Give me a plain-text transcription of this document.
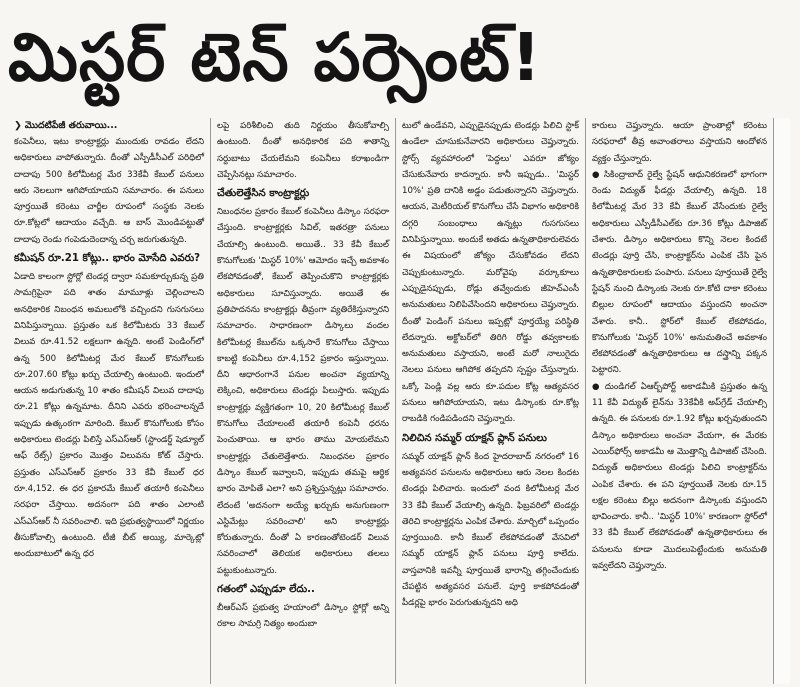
మిస్టర్ టెన్ పర్సెంట్!
❯ మొదటిపేజీ తరువాయి...

కంపెనీలు, ఇటు కాంట్రాక్టర్లు ముందుకు రావడం లేదని అధికారులు వాపోతున్నారు. దీంతో ఎస్పీడీసీఎల్ పరిధిలో దాదాపు 500 కిలోమీటర్ల మేర 33కేవీ కేబుల్ పనులు ఆరు నెలలుగా ఆగిపోయాయని సమాచారం. ఈ పనులు పూర్తయితే కరెంటు చార్జీల రూపంలో సంస్థకు నెలకు రూ.కోట్లలో ఆదాయం వచ్చేది. ఆ బాస్ మొండిపట్టుతో దాదాపు రెండు గంపెడుదెందాన్న చర్చ జరుగుతున్నది.

కమీషన్ రూ.21 కోట్లు.. భారం మోసేది ఎవరు?

ఏడాది కాలంగా స్టోర్లో టెండర్ల ద్వారా సమకూర్చుకున్న ప్రతి సామగ్రిపైనా పది శాతం మామూళ్లు చెల్లించాలని అనధికారిక నిబంధన అమలులోకి వచ్చిందని గుసగుసలు వినిపిస్తున్నాయి. ప్రస్తుతం ఒక కిలోమీటరు 33 కేబుల్ విలువ రూ.41.52 లక్షలుగా ఉన్నది. అంటే పెండింగ్‌లో ఉన్న 500 కిలోమీటర్ల మేర కేబుల్ కొనుగోలుకు రూ.207.60 కోట్లు ఖర్చు చేయాల్సి ఉంటుంది. ఇందులో ఆయన అడుగుతున్న 10 శాతం కమీషన్ విలువ దాదాపు రూ.21 కోట్లు ఉన్నమాట. దీనిని ఎవరు భరించాలన్నదే ఇప్పుడు ఉత్కంఠగా మారింది. కేబుల్ కొనుగోలుకు కోసం అధికారులు టెండర్లు పిలిస్తే ఎస్ఎస్ఆర్ (స్టాండర్డ్ షెడ్యూల్ ఆఫ్ రేట్స్) ప్రకారం మొత్తం విలువను కోట్ చేస్తారు. ప్రస్తుతం ఎస్ఎస్ఆర్ ప్రకారం 33 కేవీ కేబుల్ ధర రూ.4,152. ఈ ధర ప్రకారమే కేబుల్ తయారీ కంపెనీలు సరఫరా చేస్తాయి. అదనంగా పది శాతం ఎలాంటి ఎస్ఎస్ఆర్ నీ సవరించాలి. ఇది ప్రభుత్వస్థాయిలో నిర్ణయం తీసుకోవాల్సి ఉంటుంది. టీజీ బీట్ అయ్యి, మార్కెట్లో అందుబాటులో ఉన్న ధర

లపై పరిశీలించి తుది నిర్ణయం తీసుకోవాల్సి ఉంటుంది. దీంతో అనధికారిక పది శాతాన్ని సర్దుబాటు చేయలేమని కంపెనీలు కరాఖండిగా చెప్పేసినట్లు సమాచారం.

చేతులెత్తేసిన కాంట్రాక్టర్లు

నిబంధనల ప్రకారం కేబుల్ కంపెనీలు డిస్కాం సరఫరా చేస్తుంది. కాంట్రాక్టర్లకు సివిల్, ఇతరత్రా పనులు చేయాల్సి ఉంటుంది. అయితే.. 33 కేవీ కేబుల్ కొనుగోలుకు 'మిస్టర్ 10%' ఆమోదం ఇచ్చే అవకాశం లేకపోవడంతో, కేబుల్ తెప్పించుకొని కాంట్రాక్టర్లకు అధికారులు సూచిస్తున్నారు. అయితే ఈ ప్రతిపాదనను కాంట్రాక్టర్లు తీవ్రంగా వ్యతిరేకిస్తున్నారని సమాచారం. సాధారణంగా డిస్కాలు వందల కిలోమీటర్ల కేబుల్‌ను ఒక్కసారే కొనుగోలు చేస్తాయి కాబట్టి కంపెనీలు రూ.4,152 ప్రకారం ఇస్తున్నాయి. దీని ఆధారంగానే పనుల అంచనా వ్యయాన్ని లెక్కించి, అధికారులు టెండర్లు పిలుస్తారు. ఇప్పుడు కాంట్రాక్టర్లు వ్యక్తిగతంగా 10, 20 కిలోమీటర్ల కేబుల్ కొనుగోలు చేయాలంటే తయారీ కంపెనీ ధరను పెంచుతాయి. ఆ భారం తాము మోయలేమని కాంట్రాక్టర్లు చేతులెత్తేశారు. నిబంధనల ప్రకారం డిస్కాం కేబుల్ ఇవ్వాలని, ఇప్పుడు తమపై ఆర్థిక భారం మోపితే ఎలా? అని ప్రశ్నిస్తున్నట్లు సమాచారం. లేదంటే 'అదనంగా అయ్యే ఖర్చుకు అనుగుణంగా ఎస్టిమేట్లు సవరించాలి' అని కాంట్రాక్టర్లు కోరుతున్నారు. దీంతో ఏ కారణంతోటెండర్ విలువ సవరించాలో తెలియక అధికారులు తలలు పట్టుకుంటున్నారు.

గతంలో ఎప్పుడూ లేదు..

బీఆర్ఎస్ ప్రభుత్వ హయాంలో డిస్కాం స్టోర్లో అన్ని రకాల సామగ్రి నిత్యం అందుబా

టులో ఉండేవని, ఎప్పుడైనప్పుడు టెండర్లు పిలిచి స్టాక్ ఉండేలా చూసుకునేవారని అధికారులు చెప్తున్నారు. స్టోర్స్ వ్యవహారంలో 'పెద్దలు' ఎవరూ జోక్యం చేసుకునేవారు కాదన్నారు. కానీ ఇప్పుడు.. 'మిస్టర్ 10%' ప్రతి దానికి అడ్డం పడుతున్నారని చెప్తున్నారు. ఆయన, మెటీరియల్ కొనుగోలు చేసే విభాగం అధికారికి దగ్గరి సంబంధాలు ఉన్నట్లు గుసగుసలు వినిపిస్తున్నాయి. అందుకే అతడు ఉన్నతాధికారులెవరు ఈ విషయంలో జోక్యం చేసుకోవడం లేదని చెప్పుకుంటున్నారు. మరోవైపు వర్కూ‌కూలు ఎప్పుడైనప్పుడు, రోడ్లు తవ్వేందుకు జీహెచ్ఎంసీ అనుమతులు నిలిపివేసిందని అధికారులు చెప్తున్నారు. దీంతో పెండింగ్ పనులు ఇప్పట్లో పూర్తయ్యే పరిస్థితి లేదన్నారు. అక్టోబర్‌లో తిరిగి రోడ్డు తవ్వకాలకు అనుమతులు వస్తాయని, అంటే మరో నాలుగైదు నెలలు పనులు ఆగిపోక తప్పదని స్పష్టం చేస్తున్నారు. ఒక్కో పెండ్లి వల్ల ఆరు కూ.పదుల కోట్ల ఆత్యవసర పనులు ఆగిపోయాయని, ఇటు డిస్కాంకు రూ.కోట్ల రాబడికి గండిపడిందని చెప్తున్నారు.

నిలిచిన సమ్మర్ యాక్షన్ ప్లాన్ పనులు

సమ్మర్ యాక్షన్ ప్లాన్ కింద హైదరాబాద్ నగరంలో 16 అత్యవసర పనులను అధికారులు ఆరు నెలల కిందట టెండర్లు పిలిచారు. ఇందులో వంద కిలోమీటర్ల మేర 33 కేవీ కేబుల్ వేయాల్సి ఉన్నది. ఫిబ్రవరిలో టెండర్లు తెరిచి కాంట్రాక్టర్లను ఎంపిక చేశారు. మార్చిలో ఒప్పందం పూర్తయింది. కానీ కేబుల్ లేకపోవడంతో వేసవిలో సమ్మర్ యాక్షన్ ప్లాన్ పనులు పూర్తి కాలేదు. వాస్తవానికి ఇవన్నీ పూర్తయితే భారాన్ని తగ్గించేందుకు చేపట్టిన అత్యవసర పనులే. పూర్తి కాకపోవడంతో పీడర్లపై భారం పెరుగుతున్నదని అధి

కారులు చెప్తున్నారు. ఆయా ప్రాంతాల్లో కరెంటు సరఫరాలో తీవ్ర అవాంతరాలు వస్తాయని ఆందోళన వ్యక్తం చేస్తున్నారు.

● సికింద్రాబాద్ రైల్వే స్టేషన్ ఆధునికరణలో భాగంగా రెండు విద్యుత్ ఫీడర్లు వేయాల్సి ఉన్నది. 18 కిలోమీటర్ల మేర 33 కేవీ కేబుల్ వేసేందుకు రైల్వే అధికారులు ఎస్పీడీసీఎల్‌కు రూ.36 కోట్లు డిపాజిట్ చేశారు. డిస్కాం అధికారులు కొన్ని నెలల కిందటే టెండర్లు పూర్తి చేసి, కాంట్రాక్టర్‌ను ఎంపిక చేసి పైన ఉన్నతాధికారులకు పంపారు. పనులు పూర్తయితే రైల్వే స్టేషన్ నుంచి డిస్కాంకు నెలకు రూ.కోటి దాకా కరెంటు బిల్లుల రూపంలో ఆదాయం వస్తుందని అంచనా వేశారు. కానీ.. స్టోర్‌లో కేబుల్ లేకపోవడం, కొనుగోలుకు 'మిస్టర్ 10%' అనుమతించే అవకాశం లేకపోవడంతో ఉన్నతాధికారులు ఆ దస్త్రాన్ని పక్కన పెట్టారని.

● దుండిగల్ ఏఆర్బ్‌పోర్ట్ అకాడమీకి ప్రస్తుతం ఉన్న 11 కేవీ విద్యుత్ లైన్‌ను 33కేవీకి అప్‌గ్రేడ్ చేయాల్సి ఉన్నది. ఈ పనులకు రూ.1.92 కోట్లు ఖర్చవుతుందని డిస్కాం అధికారులు అంచనా వేయగా, ఈ మేరకు ఎయిర్‌ఫోర్స్ అకాడమీ ఆ మొత్తాన్ని డిపాజిట్ చేసింది. విద్యుత్ అధికారులు టెండర్లు పిలిచి కాంట్రాక్టర్‌ను ఎంపిక చేశారు. ఈ పని పూర్తయితే నెలకు రూ.15 లక్షల కరెంటు బిల్లు అదనంగా డిస్కాంకు వస్తుందని భావించారు. కానీ.. 'మిస్టర్ 10%' కారణంగా స్టోర్‌లో 33 కేవీ కేబుల్ లేకపోవడంతో ఉన్నతాధికారులు ఈ పనులను కూడా మొదలుపెట్టేందుకు అనుమతి ఇవ్వలేదని చెప్తున్నారు.
